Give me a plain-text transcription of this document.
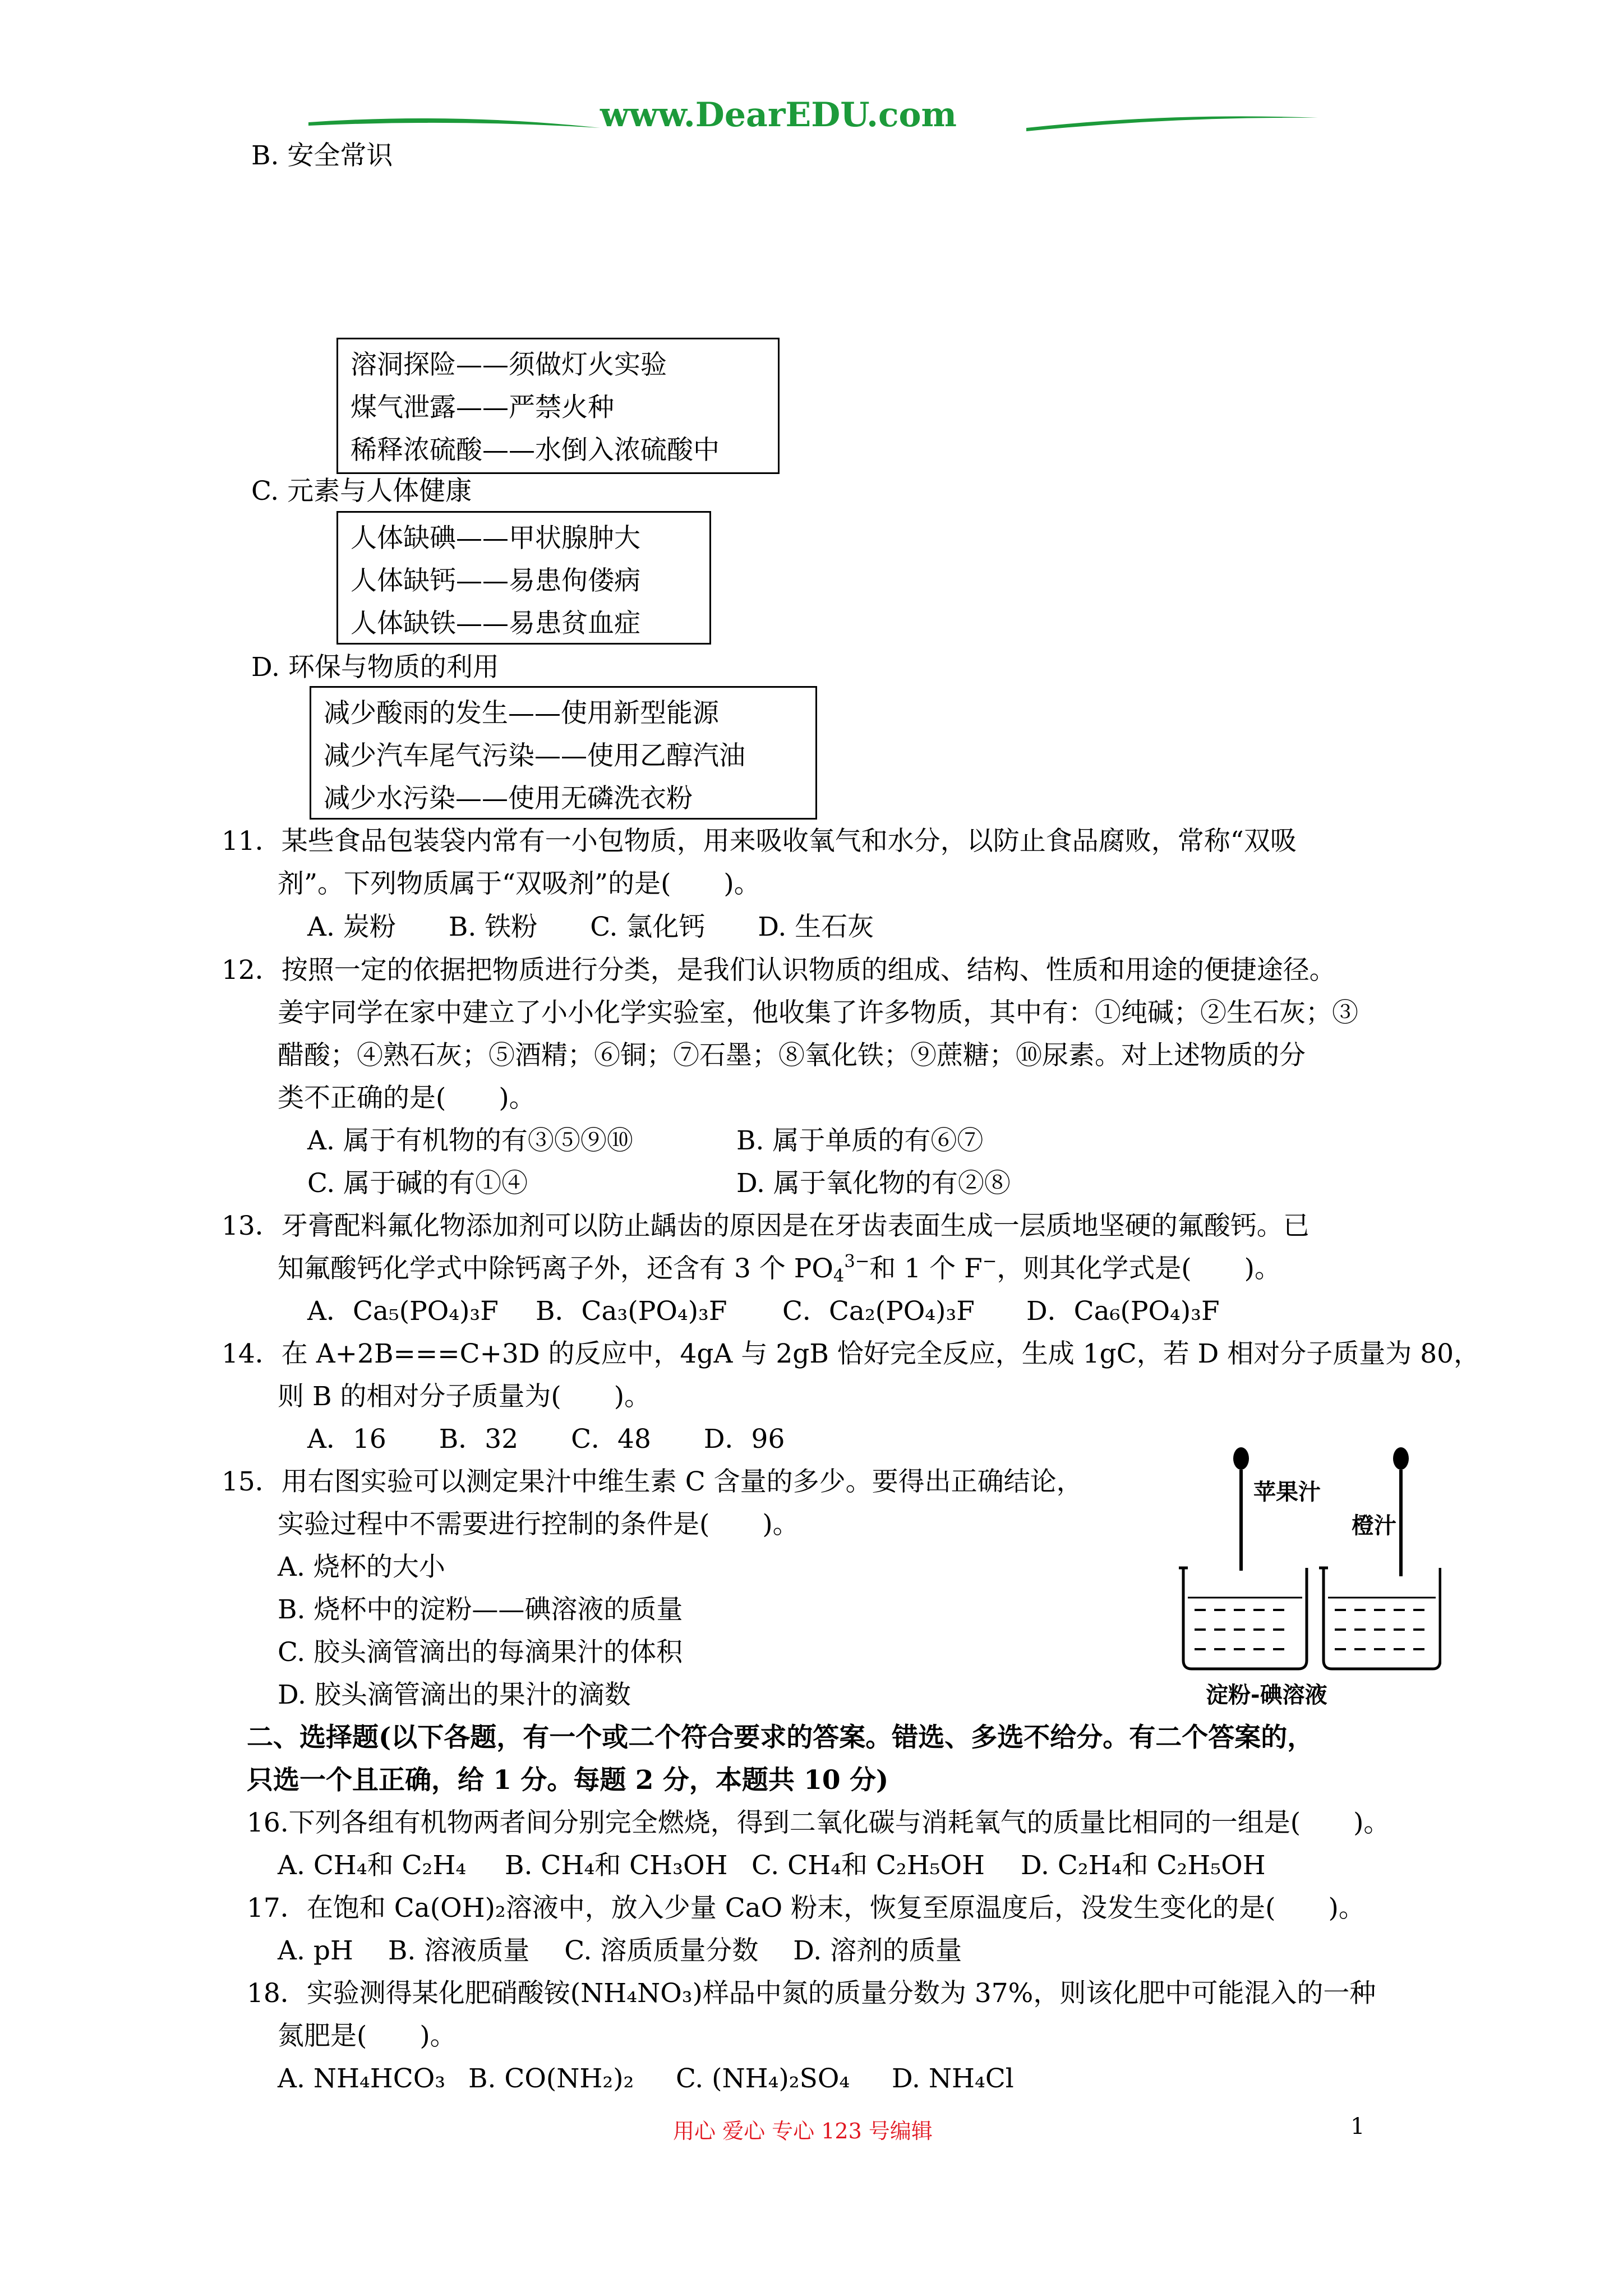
www.DearEDU.com
B. 安全常识
溶洞探险——须做灯火实验
煤气泄露——严禁火种
稀释浓硫酸——水倒入浓硫酸中
C. 元素与人体健康
人体缺碘——甲状腺肿大
人体缺钙——易患佝偻病
人体缺铁——易患贫血症
D. 环保与物质的利用
减少酸雨的发生——使用新型能源
减少汽车尾气污染——使用乙醇汽油
减少水污染——使用无磷洗衣粉
11．某些食品包装袋内常有一小包物质，用来吸收氧气和水分，以防止食品腐败，常称“双吸
剂”。下列物质属于“双吸剂”的是(　　)。
A. 炭粉　　B. 铁粉　　C. 氯化钙　　D. 生石灰
12．按照一定的依据把物质进行分类，是我们认识物质的组成、结构、性质和用途的便捷途径。
姜宇同学在家中建立了小小化学实验室，他收集了许多物质，其中有：①纯碱；②生石灰；③
醋酸；④熟石灰；⑤酒精；⑥铜；⑦石墨；⑧氧化铁；⑨蔗糖；⑩尿素。对上述物质的分
类不正确的是(　　)。
A. 属于有机物的有③⑤⑨⑩	B. 属于单质的有⑥⑦
C. 属于碱的有①④	D. 属于氧化物的有②⑧
13．牙膏配料氟化物添加剂可以防止龋齿的原因是在牙齿表面生成一层质地坚硬的氟酸钙。已
知氟酸钙化学式中除钙离子外，还含有 3 个 $PO_4^{3-}$和 1 个 F−，则其化学式是(　　)。
A．Ca₅(PO₄)₃F B．Ca₃(PO₄)₃F C．Ca₂(PO₄)₃F D．Ca₆(PO₄)₃F
14．在 A+2B===C+3D 的反应中，4gA 与 2gB 恰好完全反应，生成 1gC，若 D 相对分子质量为 80，
则 B 的相对分子质量为(　　)。
A．16　　B．32　　C．48　　D．96
15．用右图实验可以测定果汁中维生素 C 含量的多少。要得出正确结论，
实验过程中不需要进行控制的条件是(　　)。
A. 烧杯的大小
B. 烧杯中的淀粉——碘溶液的质量
C. 胶头滴管滴出的每滴果汁的体积
D. 胶头滴管滴出的果汁的滴数
苹果汁
橙汁
淀粉-碘溶液
二、选择题(以下各题，有一个或二个符合要求的答案。错选、多选不给分。有二个答案的，
只选一个且正确，给 1 分。每题 2 分，本题共 10 分)
16.下列各组有机物两者间分别完全燃烧，得到二氧化碳与消耗氧气的质量比相同的一组是(　　)。
A. CH₄和 C₂H₄ B. CH₄和 CH₃OH C. CH₄和 C₂H₅OH D. C₂H₄和 C₂H₅OH
17．在饱和 Ca(OH)₂溶液中，放入少量 CaO 粉末，恢复至原温度后，没发生变化的是(　　)。
A. pH　 B. 溶液质量　 C. 溶质质量分数　 D. 溶剂的质量
18．实验测得某化肥硝酸铵(NH₄NO₃)样品中氮的质量分数为 37%，则该化肥中可能混入的一种
氮肥是(　　)。
A. NH₄HCO₃ B. CO(NH₂)₂ C. (NH₄)₂SO₄ D. NH₄Cl
用心 爱心 专心 123 号编辑	1
